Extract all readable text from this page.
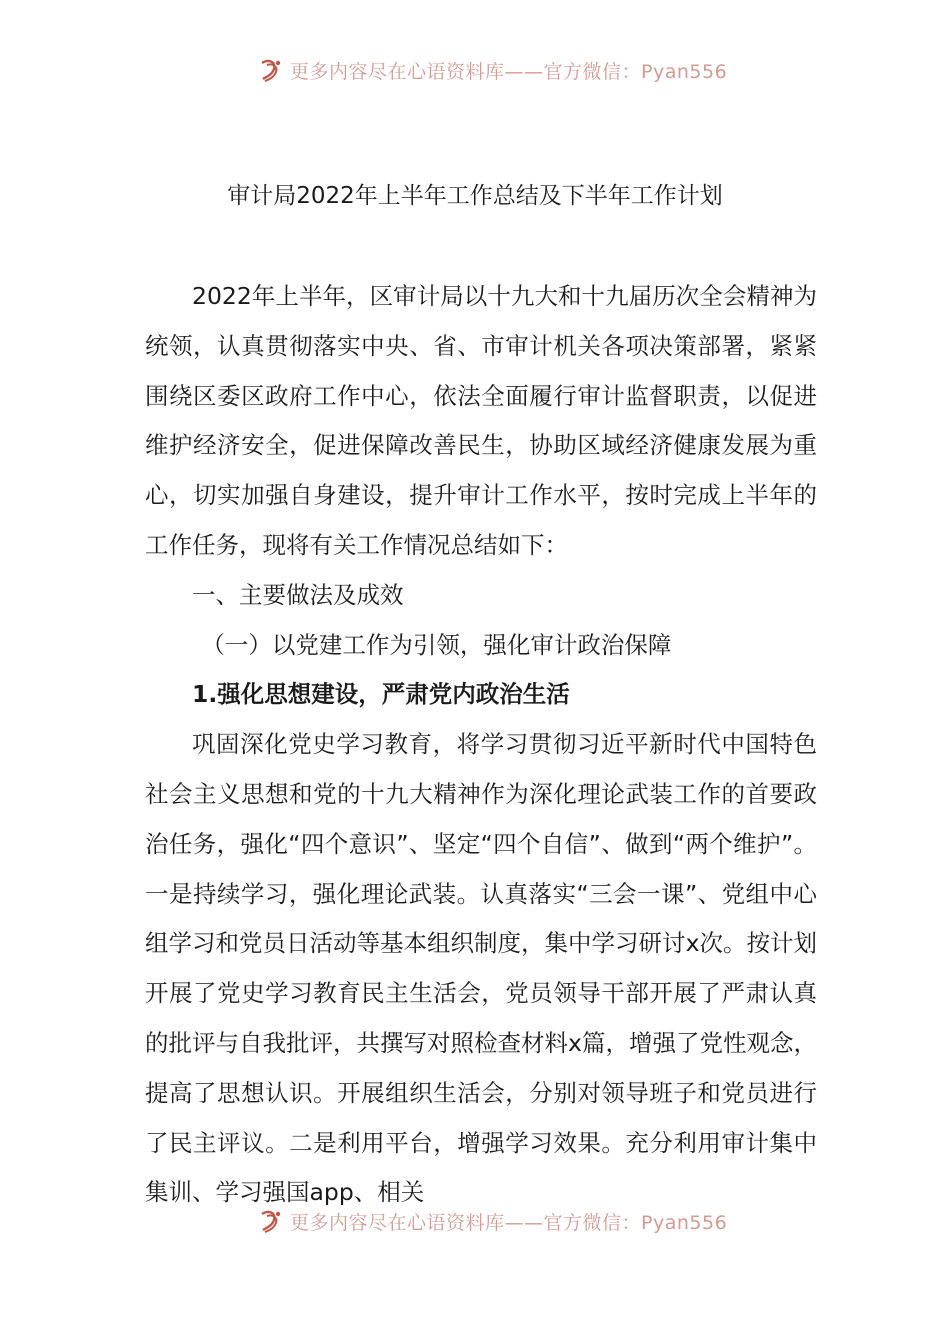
更多内容尽在心语资料库——官方微信：Pyan556
审计局2022年上半年工作总结及下半年工作计划

2022年上半年，区审计局以十九大和十九届历次全会精神为统领，认真贯彻落实中央、省、市审计机关各项决策部署，紧紧围绕区委区政府工作中心，依法全面履行审计监督职责，以促进维护经济安全，促进保障改善民生，协助区域经济健康发展为重心，切实加强自身建设，提升审计工作水平，按时完成上半年的工作任务，现将有关工作情况总结如下：

一、主要做法及成效

（一）以党建工作为引领，强化审计政治保障

1.强化思想建设，严肃党内政治生活

巩固深化党史学习教育，将学习贯彻习近平新时代中国特色社会主义思想和党的十九大精神作为深化理论武装工作的首要政治任务，强化“四个意识”、坚定“四个自信”、做到“两个维护”。一是持续学习，强化理论武装。认真落实“三会一课”、党组中心组学习和党员日活动等基本组织制度，集中学习研讨x次。按计划开展了党史学习教育民主生活会，党员领导干部开展了严肃认真的批评与自我批评，共撰写对照检查材料x篇，增强了党性观念，提高了思想认识。开展组织生活会，分别对领导班子和党员进行了民主评议。二是利用平台，增强学习效果。充分利用审计集中集训、学习强国app、相关

更多内容尽在心语资料库——官方微信：Pyan556
